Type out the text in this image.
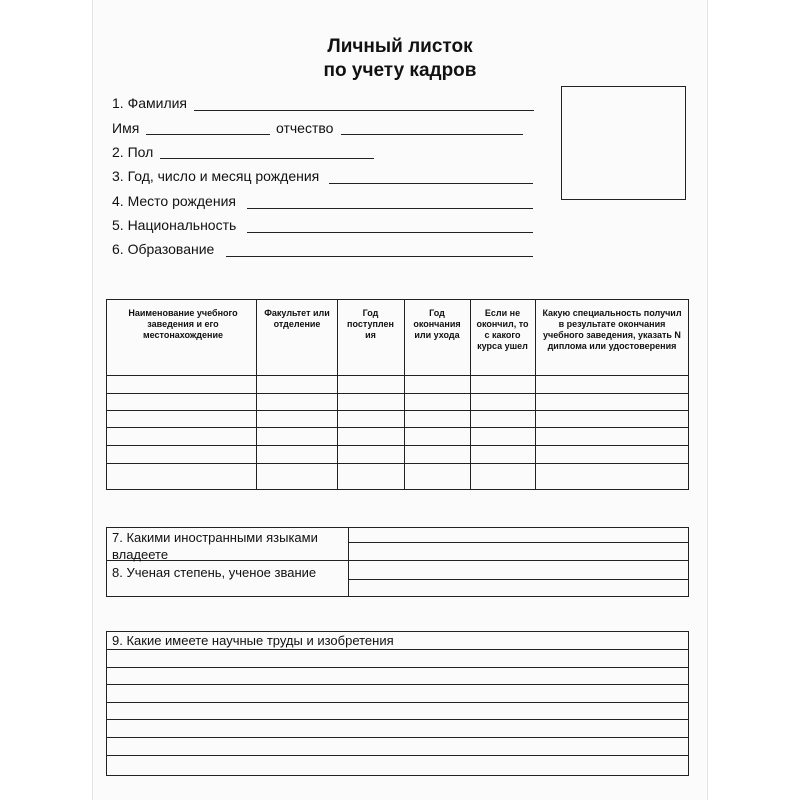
Личный листок
по учету кадров
1. Фамилия
Имя	отчество
2. Пол
3. Год, число и месяц рождения
4. Место рождения
5. Национальность
6. Образование
Наименование учебного заведения и его местонахождение
Факультет или отделение
Год поступлен ия
Год окончания или ухода
Если не окончил, то с какого курса ушел
Какую специальность получил в результате окончания учебного заведения, указать N диплома или удостоверения
7. Какими иностранными языками владеете
8. Ученая степень, ученое звание
9. Какие имеете научные труды и изобретения
